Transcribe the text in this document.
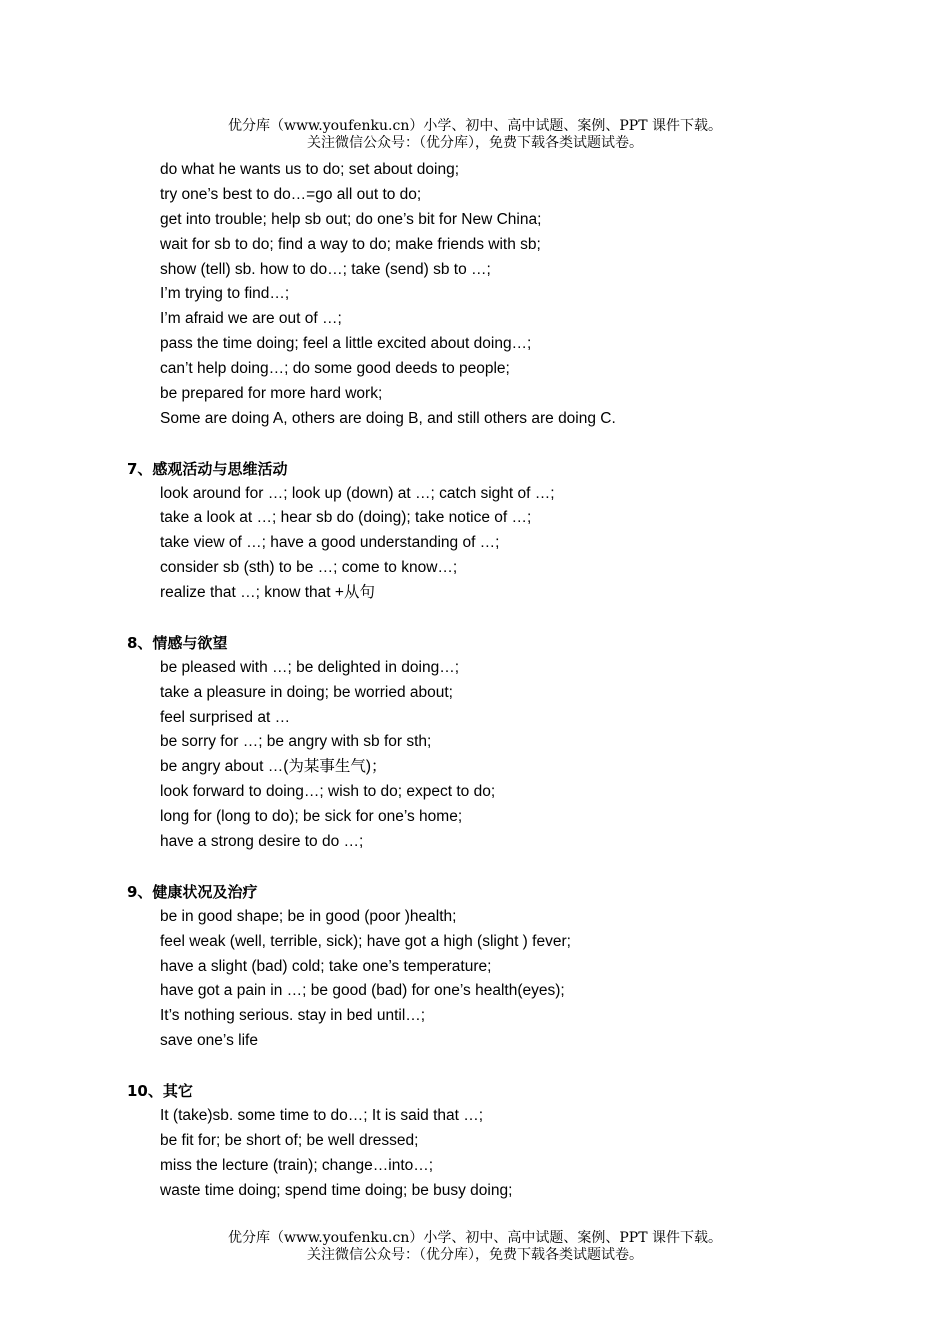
优分库（www.youfenku.cn）小学、初中、高中试题、案例、PPT 课件下载。
关注微信公众号：（优分库），免费下载各类试题试卷。
do what he wants us to do; set about doing;
try one’s best to do…=go all out to do;
get into trouble; help sb out; do one’s bit for New China;
wait for sb to do; find a way to do; make friends with sb;
show (tell) sb. how to do…; take (send) sb to …;
I’m trying to find…;
I’m afraid we are out of …;
pass the time doing; feel a little excited about doing…;
can’t help doing…; do some good deeds to people;
be prepared for more hard work;
Some are doing A, others are doing B, and still others are doing C.
7、感观活动与思维活动
look around for …; look up (down) at …; catch sight of …;
take a look at …; hear sb do (doing); take notice of …;
take view of …; have a good understanding of …;
consider sb (sth) to be …; come to know…;
realize that …; know that +从句
8、情感与欲望
be pleased with …; be delighted in doing…;
take a pleasure in doing; be worried about;
feel surprised at …
be sorry for …; be angry with sb for sth;
be angry about …(为某事生气)；
look forward to doing…; wish to do; expect to do;
long for (long to do); be sick for one’s home;
have a strong desire to do …;
9、健康状况及治疗
be in good shape; be in good (poor )health;
feel weak (well, terrible, sick); have got a high (slight ) fever;
have a slight (bad) cold; take one’s temperature;
have got a pain in …; be good (bad) for one’s health(eyes);
It’s nothing serious. stay in bed until…;
save one’s life
10、其它
It (take)sb. some time to do…; It is said that …;
be fit for; be short of; be well dressed;
miss the lecture (train); change…into…;
waste time doing; spend time doing; be busy doing;
优分库（www.youfenku.cn）小学、初中、高中试题、案例、PPT 课件下载。
关注微信公众号：（优分库），免费下载各类试题试卷。
